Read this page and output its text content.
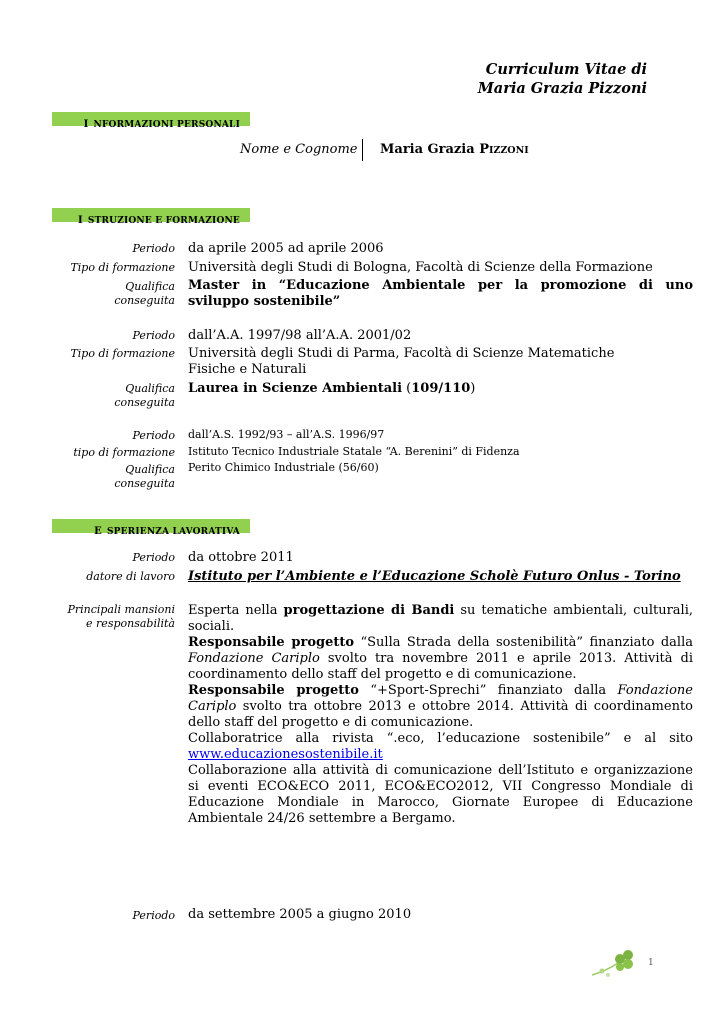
Curriculum Vitae di
Maria Grazia Pizzoni
I NFORMAZIONI PERSONALI
Nome e Cognome Maria Grazia PIZZONI
I STRUZIONE E FORMAZIONE
Periodo da aprile 2005 ad aprile 2006
Tipo di formazione Università degli Studi di Bologna, Facoltà di Scienze della Formazione
Qualifica
conseguita
Master in “Educazione Ambientale per la promozione di uno sviluppo sostenibile”
Periodo dall’A.A. 1997/98 all’A.A. 2001/02
Tipo di formazione Università degli Studi di Parma, Facoltà di Scienze Matematiche Fisiche e Naturali
Qualifica
conseguita
Laurea in Scienze Ambientali (109/110)
Periodo dall’A.S. 1992/93 – all’A.S. 1996/97
tipo di formazione Istituto Tecnico Industriale Statale “A. Berenini” di Fidenza
Qualifica
conseguita
Perito Chimico Industriale (56/60)
E SPERIENZA LAVORATIVA
Periodo da ottobre 2011
datore di lavoro Istituto per l’Ambiente e l’Educazione Scholè Futuro Onlus - Torino
Principali mansioni
e responsabilità
Esperta nella progettazione di Bandi su tematiche ambientali, culturali, sociali.
Responsabile progetto “Sulla Strada della sostenibilità” finanziato dalla Fondazione Cariplo svolto tra novembre 2011 e aprile 2013. Attività di coordinamento dello staff del progetto e di comunicazione.
Responsabile progetto “+Sport-Sprechi” finanziato dalla Fondazione Cariplo svolto tra ottobre 2013 e ottobre 2014. Attività di coordinamento dello staff del progetto e di comunicazione.
Collaboratrice alla rivista “.eco, l’educazione sostenibile” e al sito www.educazionesostenibile.it
Collaborazione alla attività di comunicazione dell’Istituto e organizzazione si eventi ECO&ECO 2011, ECO&ECO2012, VII Congresso Mondiale di Educazione Mondiale in Marocco, Giornate Europee di Educazione Ambientale 24/26 settembre a Bergamo.
Periodo da settembre 2005 a giugno 2010
1
